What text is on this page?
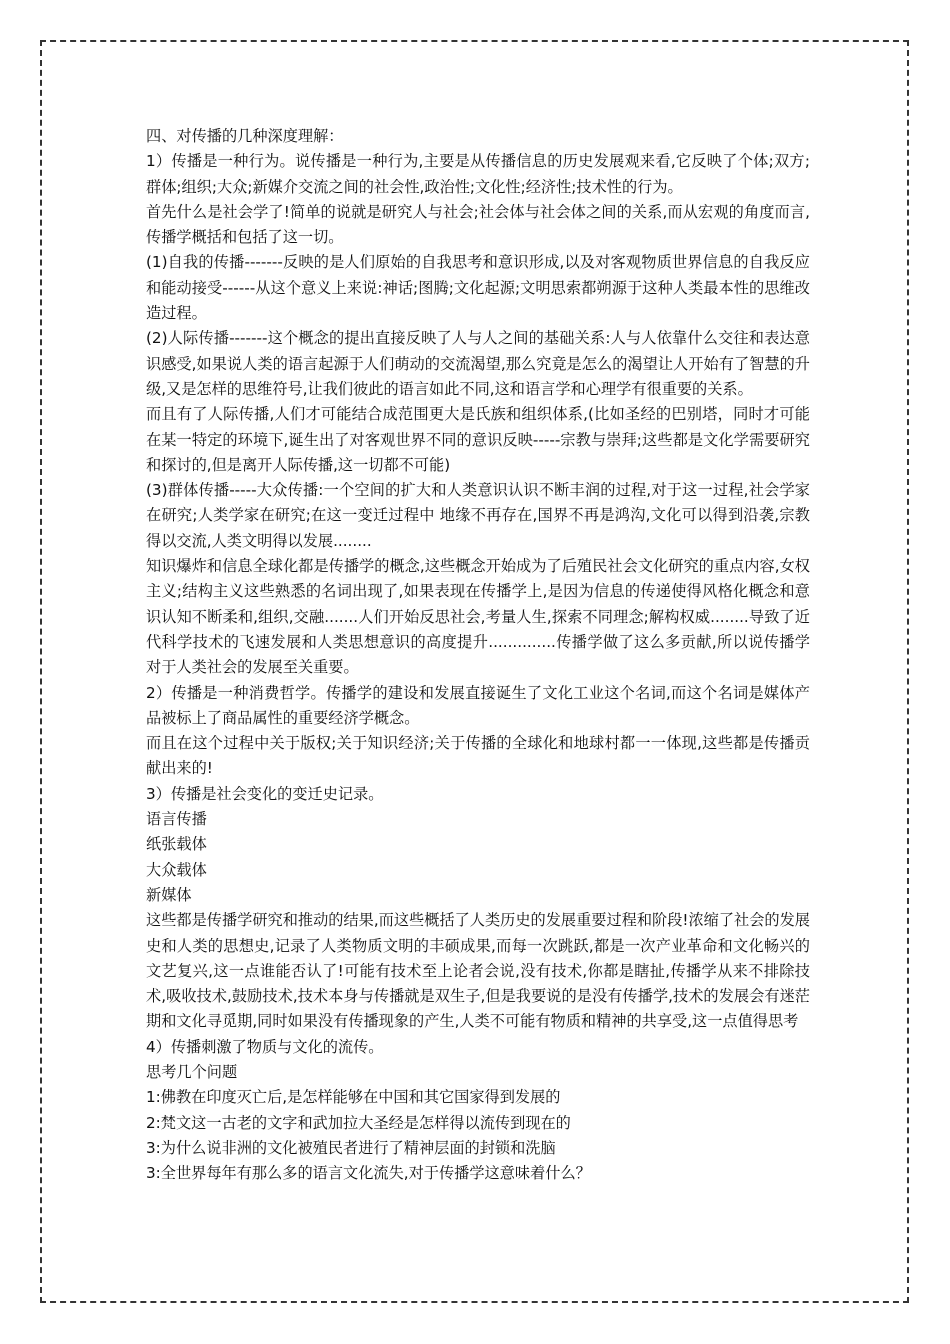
四、对传播的几种深度理解：

1）传播是一种行为。说传播是一种行为,主要是从传播信息的历史发展观来看,它反映了个体;双方;群体;组织;大众;新媒介交流之间的社会性,政治性;文化性;经济性;技术性的行为。

首先什么是社会学了!简单的说就是研究人与社会;社会体与社会体之间的关系,而从宏观的角度而言,传播学概括和包括了这一切。

(1)自我的传播-------反映的是人们原始的自我思考和意识形成,以及对客观物质世界信息的自我反应和能动接受------从这个意义上来说:神话;图腾;文化起源;文明思索都朔源于这种人类最本性的思维改造过程。

(2)人际传播-------这个概念的提出直接反映了人与人之间的基础关系:人与人依靠什么交往和表达意识感受,如果说人类的语言起源于人们萌动的交流渴望,那么究竟是怎么的渴望让人开始有了智慧的升级,又是怎样的思维符号,让我们彼此的语言如此不同,这和语言学和心理学有很重要的关系。

而且有了人际传播,人们才可能结合成范围更大是氏族和组织体系,(比如圣经的巴别塔，同时才可能在某一特定的环境下,诞生出了对客观世界不同的意识反映-----宗教与崇拜;这些都是文化学需要研究和探讨的,但是离开人际传播,这一切都不可能)

(3)群体传播-----大众传播:一个空间的扩大和人类意识认识不断丰润的过程,对于这一过程,社会学家在研究;人类学家在研究;在这一变迁过程中 地缘不再存在,国界不再是鸿沟,文化可以得到沿袭,宗教得以交流,人类文明得以发展........

知识爆炸和信息全球化都是传播学的概念,这些概念开始成为了后殖民社会文化研究的重点内容,女权主义;结构主义这些熟悉的名词出现了,如果表现在传播学上,是因为信息的传递使得风格化概念和意识认知不断柔和,组织,交融.......人们开始反思社会,考量人生,探索不同理念;解构权威........导致了近代科学技术的飞速发展和人类思想意识的高度提升..............传播学做了这么多贡献,所以说传播学对于人类社会的发展至关重要。

2）传播是一种消费哲学。传播学的建设和发展直接诞生了文化工业这个名词,而这个名词是媒体产品被标上了商品属性的重要经济学概念。

而且在这个过程中关于版权;关于知识经济;关于传播的全球化和地球村都一一体现,这些都是传播贡献出来的!

3）传播是社会变化的变迁史记录。

语言传播

纸张载体

大众载体

新媒体

这些都是传播学研究和推动的结果,而这些概括了人类历史的发展重要过程和阶段!浓缩了社会的发展史和人类的思想史,记录了人类物质文明的丰硕成果,而每一次跳跃,都是一次产业革命和文化畅兴的文艺复兴,这一点谁能否认了!可能有技术至上论者会说,没有技术,你都是瞎扯,传播学从来不排除技术,吸收技术,鼓励技术,技术本身与传播就是双生子,但是我要说的是没有传播学,技术的发展会有迷茫期和文化寻觅期,同时如果没有传播现象的产生,人类不可能有物质和精神的共享受,这一点值得思考

4）传播刺激了物质与文化的流传。

思考几个问题

1:佛教在印度灭亡后,是怎样能够在中国和其它国家得到发展的

2:梵文这一古老的文字和武加拉大圣经是怎样得以流传到现在的

3:为什么说非洲的文化被殖民者进行了精神层面的封锁和洗脑

3:全世界每年有那么多的语言文化流失,对于传播学这意味着什么？
